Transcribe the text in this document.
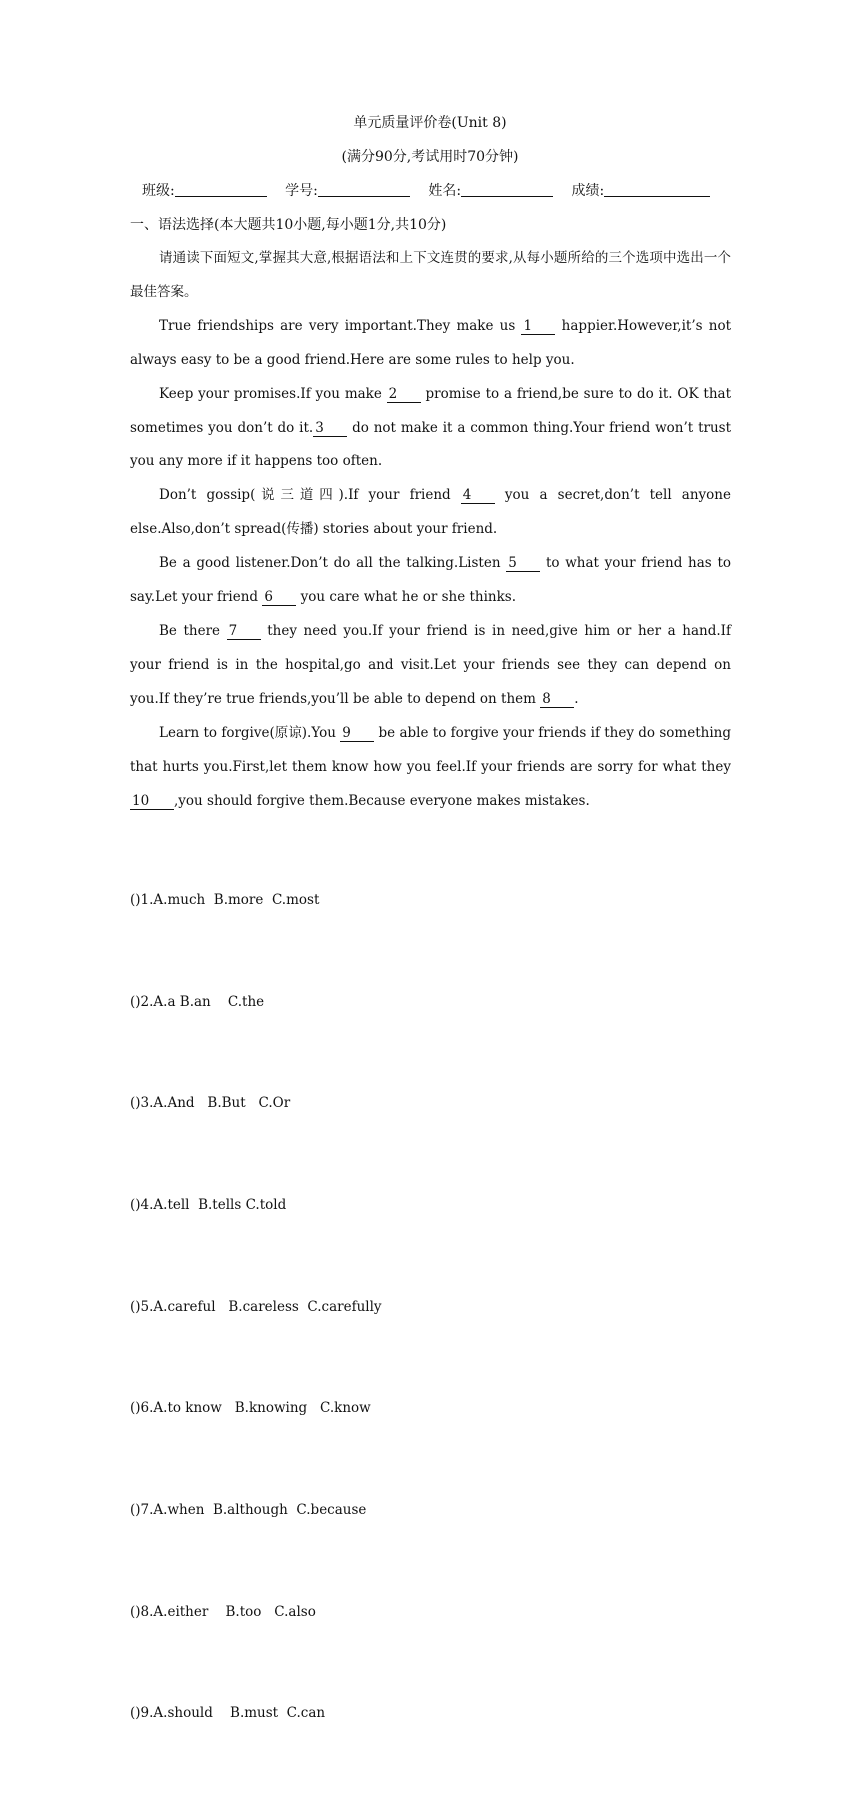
单元质量评价卷(Unit 8)
(满分90分,考试用时70分钟)
班级:	学号:	姓名:	成绩:
一、语法选择(本大题共10小题,每小题1分,共10分)

请通读下面短文,掌握其大意,根据语法和上下文连贯的要求,从每小题所给的三个选项中选出一个最佳答案。

True friendships are very important.They make us 1 happier.However,it’s not always easy to be a good friend.Here are some rules to help you.

Keep your promises.If you make 2 promise to a friend,be sure to do it. OK that sometimes you don’t do it. 3 do not make it a common thing.Your friend won’t trust you any more if it happens too often.

Don’t gossip(说三道四).If your friend 4 you a secret,don’t tell anyone else.Also,don’t spread(传播) stories about your friend.

Be a good listener.Don’t do all the talking.Listen 5 to what your friend has to say.Let your friend 6 you care what he or she thinks.

Be there 7 they need you.If your friend is in need,give him or her a hand.If your friend is in the hospital,go and visit.Let your friends see they can depend on you.If they’re true friends,you’ll be able to depend on them 8 .

Learn to forgive(原谅).You 9 be able to forgive your friends if they do something that hurts you.First,let them know how you feel.If your friends are sorry for what they 10 ,you should forgive them.Because everyone makes mistakes.

()1.A.much  B.more  C.most

()2.A.a B.an    C.the

()3.A.And   B.But   C.Or

()4.A.tell  B.tells C.told

()5.A.careful   B.careless  C.carefully

()6.A.to know   B.knowing   C.know

()7.A.when  B.although  C.because

()8.A.either    B.too   C.also

()9.A.should    B.must  C.can
